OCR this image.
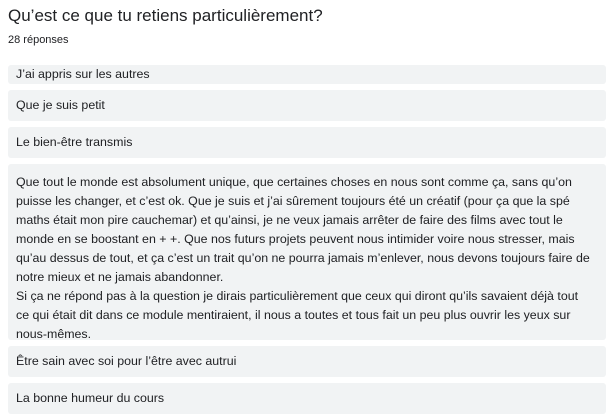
Qu’est ce que tu retiens particulièrement?
28 réponses
J’ai appris sur les autres
Que je suis petit
Le bien-être transmis

Que tout le monde est absolument unique, que certaines choses en nous sont comme ça, sans qu’on puisse les changer, et c’est ok. Que je suis et j’ai sûrement toujours été un créatif (pour ça que la spé maths était mon pire cauchemar) et qu’ainsi, je ne veux jamais arrêter de faire des films avec tout le monde en se boostant en + +. Que nos futurs projets peuvent nous intimider voire nous stresser, mais qu’au dessus de tout, et ça c’est un trait qu’on ne pourra jamais m’enlever, nous devons toujours faire de notre mieux et ne jamais abandonner.

Si ça ne répond pas à la question je dirais particulièrement que ceux qui diront qu’ils savaient déjà tout ce qui était dit dans ce module mentiraient, il nous a toutes et tous fait un peu plus ouvrir les yeux sur nous-mêmes.

Être sain avec soi pour l’être avec autrui
La bonne humeur du cours
